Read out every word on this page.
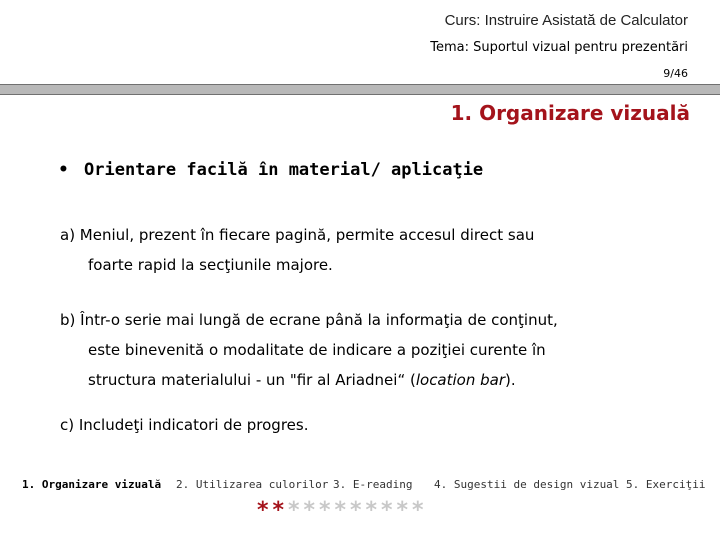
Curs: Instruire Asistată de Calculator
Tema: Suportul vizual pentru prezentări
9/46
1. Organizare vizuală
• Orientare facilă în material/ aplicaţie
a) Meniul, prezent în fiecare pagină, permite accesul direct sau
foarte rapid la secţiunile majore.
b) Într-o serie mai lungă de ecrane până la informaţia de conţinut,
este binevenită o modalitate de indicare a poziţiei curente în
structura materialului - un "fir al Ariadnei“ (location bar).
c) Includeţi indicatori de progres.
1. Organizare vizuală 2. Utilizarea culorilor 3. E-reading 4. Sugestii de design vizual 5. Exerciţii
***********
